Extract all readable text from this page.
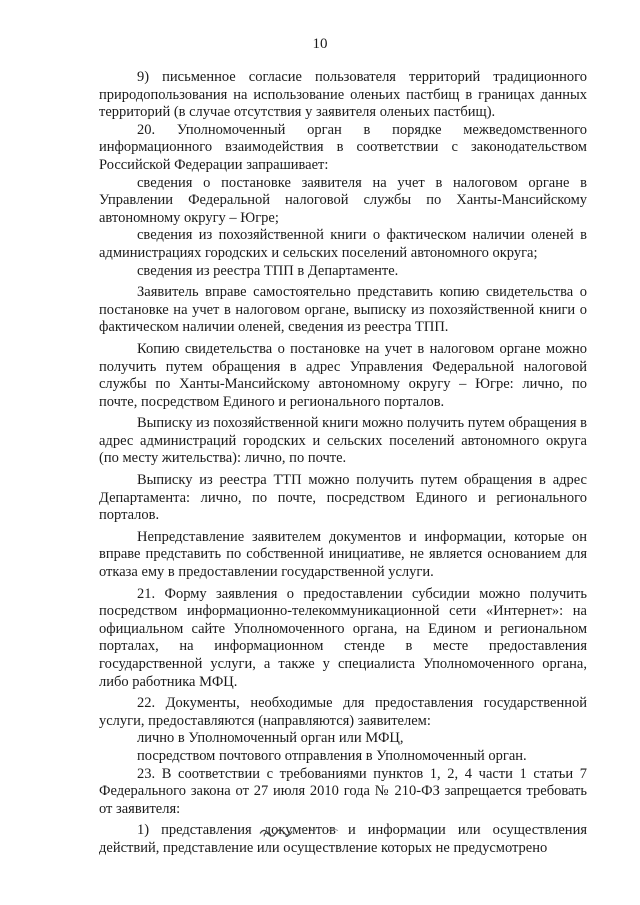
10

9) письменное согласие пользователя территорий традиционного природопользования на использование оленьих пастбищ в границах данных территорий (в случае отсутствия у заявителя оленьих пастбищ).

20. Уполномоченный орган в порядке межведомственного информационного взаимодействия в соответствии с законодательством Российской Федерации запрашивает:

сведения о постановке заявителя на учет в налоговом органе в Управлении Федеральной налоговой службы по Ханты-Мансийскому автономному округу – Югре;

сведения из похозяйственной книги о фактическом наличии оленей в администрациях городских и сельских поселений автономного округа;

сведения из реестра ТПП в Департаменте.

Заявитель вправе самостоятельно представить копию свидетельства о постановке на учет в налоговом органе, выписку из похозяйственной книги о фактическом наличии оленей, сведения из реестра ТПП.

Копию свидетельства о постановке на учет в налоговом органе можно получить путем обращения в адрес Управления Федеральной налоговой службы по Ханты-Мансийскому автономному округу – Югре: лично, по почте, посредством Единого и регионального порталов.

Выписку из похозяйственной книги можно получить путем обращения в адрес администраций городских и сельских поселений автономного округа (по месту жительства): лично, по почте.

Выписку из реестра ТТП можно получить путем обращения в адрес Департамента: лично, по почте, посредством Единого и регионального порталов.

Непредставление заявителем документов и информации, которые он вправе представить по собственной инициативе, не является основанием для отказа ему в предоставлении государственной услуги.

21. Форму заявления о предоставлении субсидии можно получить посредством информационно-телекоммуникационной сети «Интернет»: на официальном сайте Уполномоченного органа, на Едином и региональном порталах, на информационном стенде в месте предоставления государственной услуги, а также у специалиста Уполномоченного органа, либо работника МФЦ.

22. Документы, необходимые для предоставления государственной услуги, предоставляются (направляются) заявителем:

лично в Уполномоченный орган или МФЦ,

посредством почтового отправления в Уполномоченный орган.

23. В соответствии с требованиями пунктов 1, 2, 4 части 1 статьи 7 Федерального закона от 27 июля 2010 года № 210-ФЗ запрещается требовать от заявителя:

1) представления документов и информации или осуществления действий, представление или осуществление которых не предусмотрено
